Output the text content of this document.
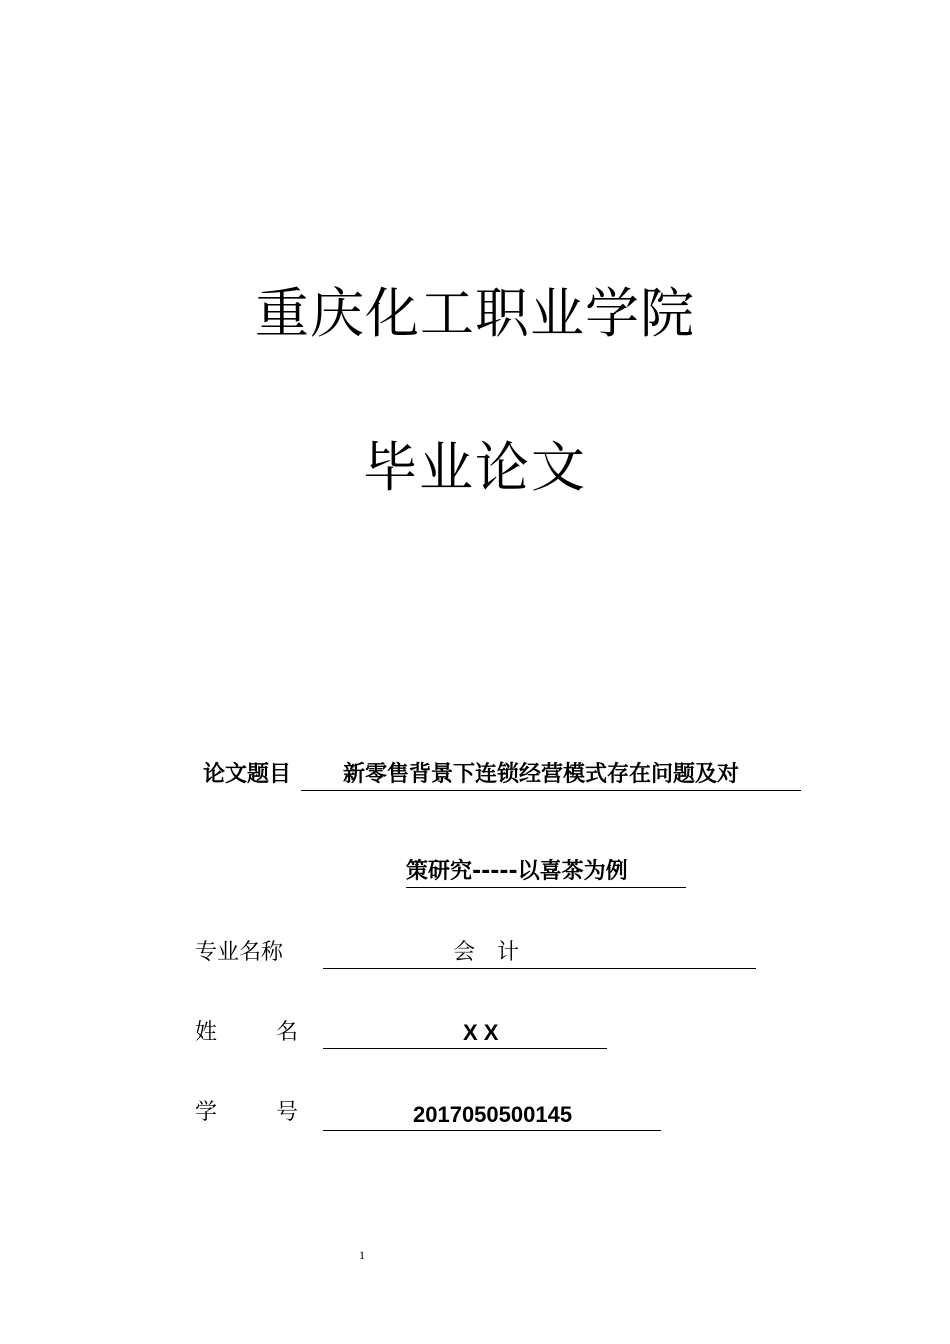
重庆化工职业学院
毕业论文
论文题目	新零售背景下连锁经营模式存在问题及对
策研究-----以喜茶为例
专业名称	会　计
姓	名	X X
学	号	2017050500145
1
